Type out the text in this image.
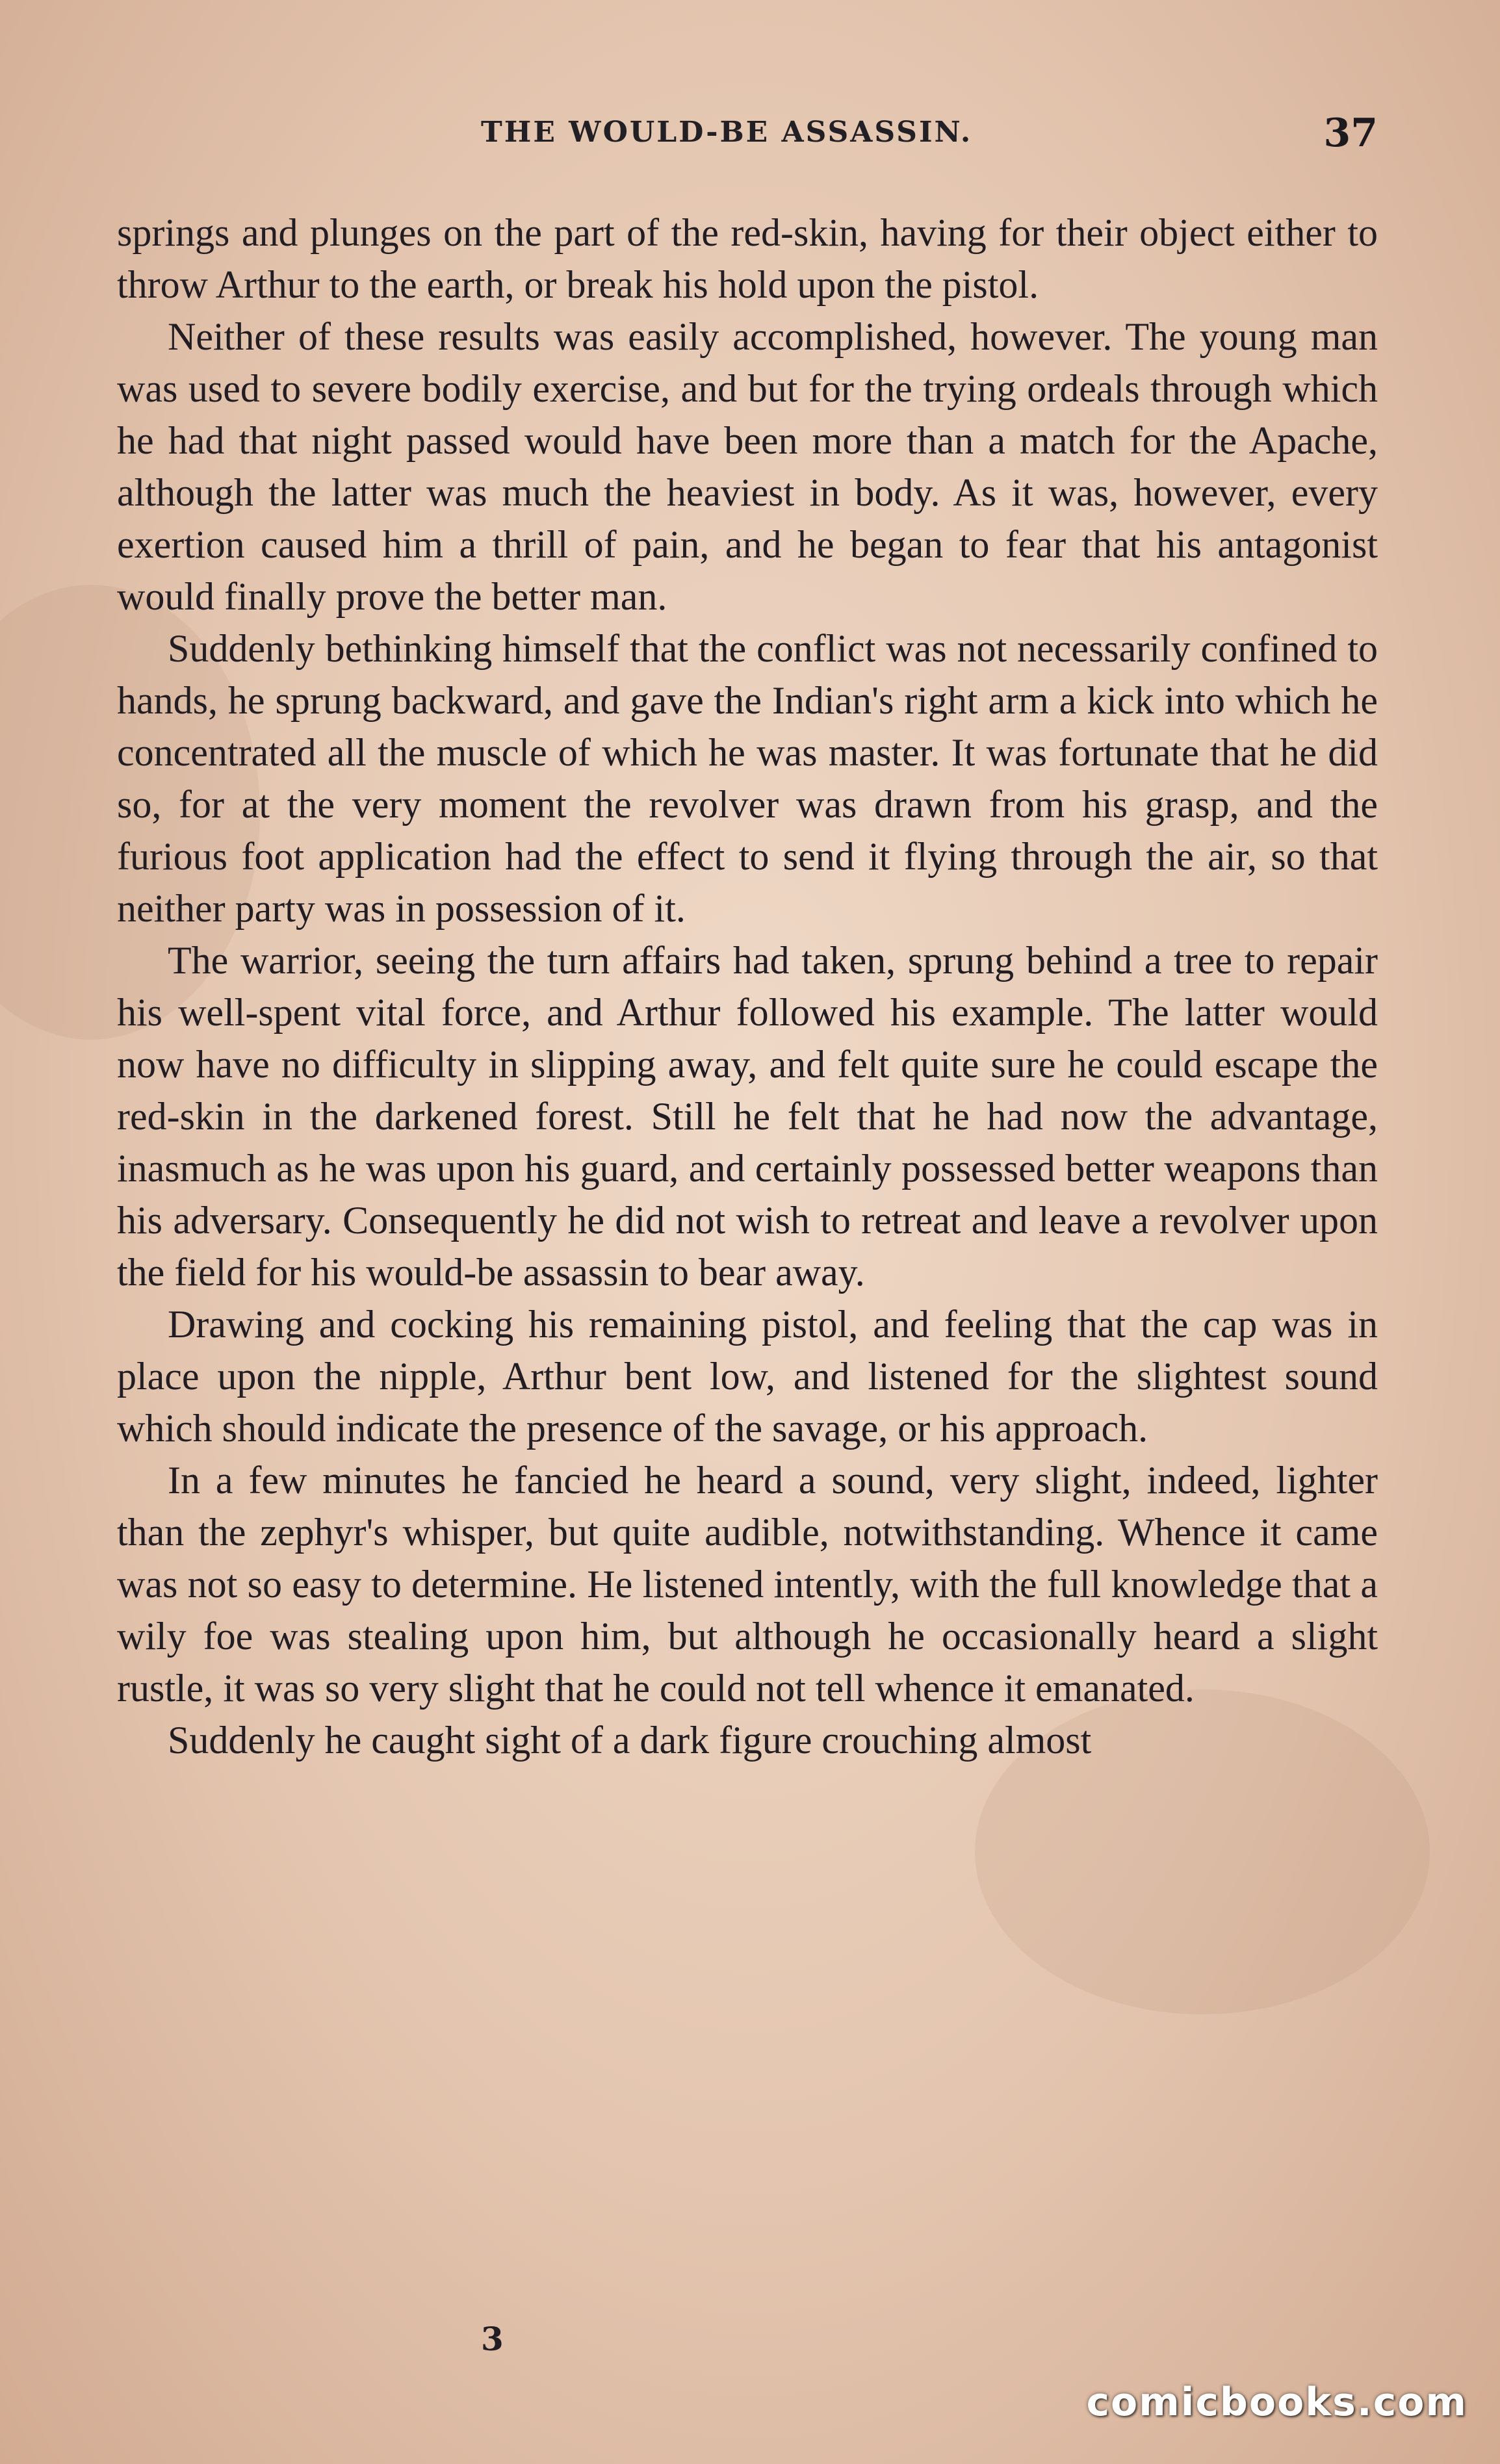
THE WOULD-BE ASSASSIN.	37

springs and plunges on the part of the red-skin, having for their object either to throw Arthur to the earth, or break his hold upon the pistol.

Neither of these results was easily accomplished, however. The young man was used to severe bodily exercise, and but for the trying ordeals through which he had that night passed would have been more than a match for the Apache, although the latter was much the heaviest in body. As it was, however, every exertion caused him a thrill of pain, and he began to fear that his antagonist would finally prove the better man.

Suddenly bethinking himself that the conflict was not necessarily confined to hands, he sprung backward, and gave the Indian's right arm a kick into which he concentrated all the muscle of which he was master. It was fortunate that he did so, for at the very moment the revolver was drawn from his grasp, and the furious foot application had the effect to send it flying through the air, so that neither party was in possession of it.

The warrior, seeing the turn affairs had taken, sprung behind a tree to repair his well-spent vital force, and Arthur followed his example. The latter would now have no difficulty in slipping away, and felt quite sure he could escape the red-skin in the darkened forest. Still he felt that he had now the advantage, inasmuch as he was upon his guard, and certainly possessed better weapons than his adversary. Consequently he did not wish to retreat and leave a revolver upon the field for his would-be assassin to bear away.

Drawing and cocking his remaining pistol, and feeling that the cap was in place upon the nipple, Arthur bent low, and listened for the slightest sound which should indicate the presence of the savage, or his approach.

In a few minutes he fancied he heard a sound, very slight, indeed, lighter than the zephyr's whisper, but quite audible, notwithstanding. Whence it came was not so easy to determine. He listened intently, with the full knowledge that a wily foe was stealing upon him, but although he occasionally heard a slight rustle, it was so very slight that he could not tell whence it emanated.

Suddenly he caught sight of a dark figure crouching almost

3
comicbooks.com
